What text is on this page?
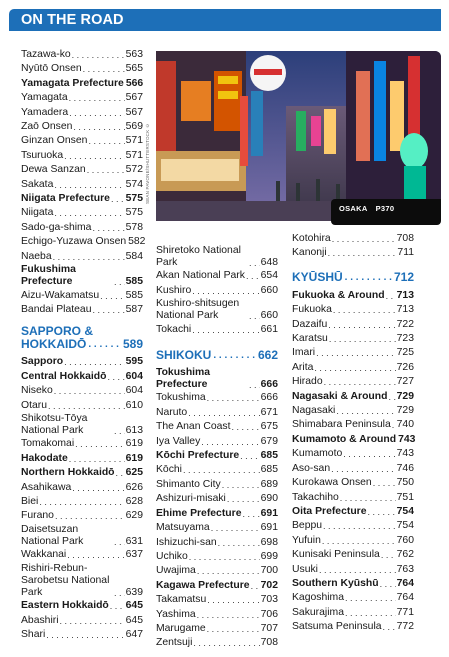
ON THE ROAD
SEAN PAVONE/SHUTTERSTOCK ©
OSAKA P370
Tazawa-ko . . .	563
Nyūtō Onsen . . .	565
Yamagata Prefecture 566
Yamagata . . .	567
Yamadera . . .	567
Zaō Onsen . . .	569
Ginzan Onsen . . .	571
Tsuruoka . . .	571
Dewa Sanzan . . .	572
Sakata . . .	574
Niigata Prefecture . . . 575
Niigata . . .	575
Sado-ga-shima . . .	578
Echigo-Yuzawa Onsen 582
Naeba . . .	584
Fukushima Prefecture . . .	585
Aizu-Wakamatsu . . .	585
Bandai Plateau . . .	587
SAPPORO &
HOKKAIDŌ . . .	589
Sapporo . . .	595
Central Hokkaidō . . . 604
Niseko . . .	604
Otaru . . .	610
Shikotsu-Tōya National Park . . .	613
Tomakomai . . .	619
Hakodate . . .	619
Northern Hokkaidō . . . 625
Asahikawa . . .	626
Biei . . .	628
Furano . . .	629
Daisetsuzan National Park . . .	631
Wakkanai . . .	637
Rishiri-Rebun-Sarobetsu National Park . . .	639
Eastern Hokkaidō . . . 645
Abashiri . . .	645
Shari . . .	647
Shiretoko National Park . . .	648
Akan National Park . . . 654
Kushiro . . .	660
Kushiro-shitsugen National Park . . .	660
Tokachi . . .	661
SHIKOKU . . .	662
Tokushima Prefecture . . .	666
Tokushima . . .	666
Naruto . . .	671
The Anan Coast . . .	675
Iya Valley . . .	679
Kōchi Prefecture . . . 685
Kōchi . . .	685
Shimanto City . . .	689
Ashizuri-misaki . . .	690
Ehime Prefecture . . . 691
Matsuyama . . .	691
Ishizuchi-san . . .	698
Uchiko . . .	699
Uwajima . . .	700
Kagawa Prefecture . . . 702
Takamatsu . . .	703
Yashima . . .	706
Marugame . . .	707
Zentsuji . . .	708
Kotohira . . .	708
Kanonji . . .	711
KYŪSHŪ . . .	712
Fukuoka & Around . . . 713
Fukuoka . . .	713
Dazaifu . . .	722
Karatsu . . .	723
Imari . . .	725
Arita . . .	726
Hirado . . .	727
Nagasaki & Around . . . 729
Nagasaki . . .	729
Shimabara Peninsula . . . 740
Kumamoto & Around 743
Kumamoto . . .	743
Aso-san . . .	746
Kurokawa Onsen . . . 750
Takachiho . . .	751
Oita Prefecture . . .	754
Beppu . . .	754
Yufuin . . .	760
Kunisaki Peninsula . . . 762
Usuki . . .	763
Southern Kyūshū . . . 764
Kagoshima . . .	764
Sakurajima . . .	771
Satsuma Peninsula . . . 772
